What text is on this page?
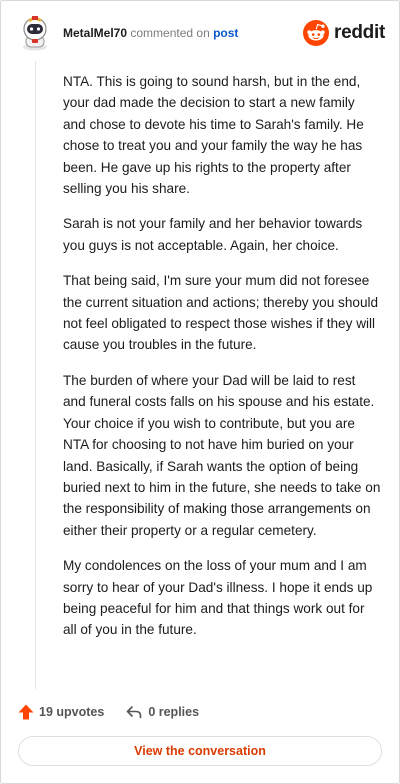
MetalMel70 commented on post	reddit

NTA. This is going to sound harsh, but in the end, your dad made the decision to start a new family and chose to devote his time to Sarah's family. He chose to treat you and your family the way he has been. He gave up his rights to the property after selling you his share.

Sarah is not your family and her behavior towards you guys is not acceptable. Again, her choice.

That being said, I'm sure your mum did not foresee the current situation and actions; thereby you should not feel obligated to respect those wishes if they will cause you troubles in the future.

The burden of where your Dad will be laid to rest and funeral costs falls on his spouse and his estate. Your choice if you wish to contribute, but you are NTA for choosing to not have him buried on your land. Basically, if Sarah wants the option of being buried next to him in the future, she needs to take on the responsibility of making those arrangements on either their property or a regular cemetery.

My condolences on the loss of your mum and I am sorry to hear of your Dad's illness. I hope it ends up being peaceful for him and that things work out for all of you in the future.

19 upvotes	0 replies
View the conversation
